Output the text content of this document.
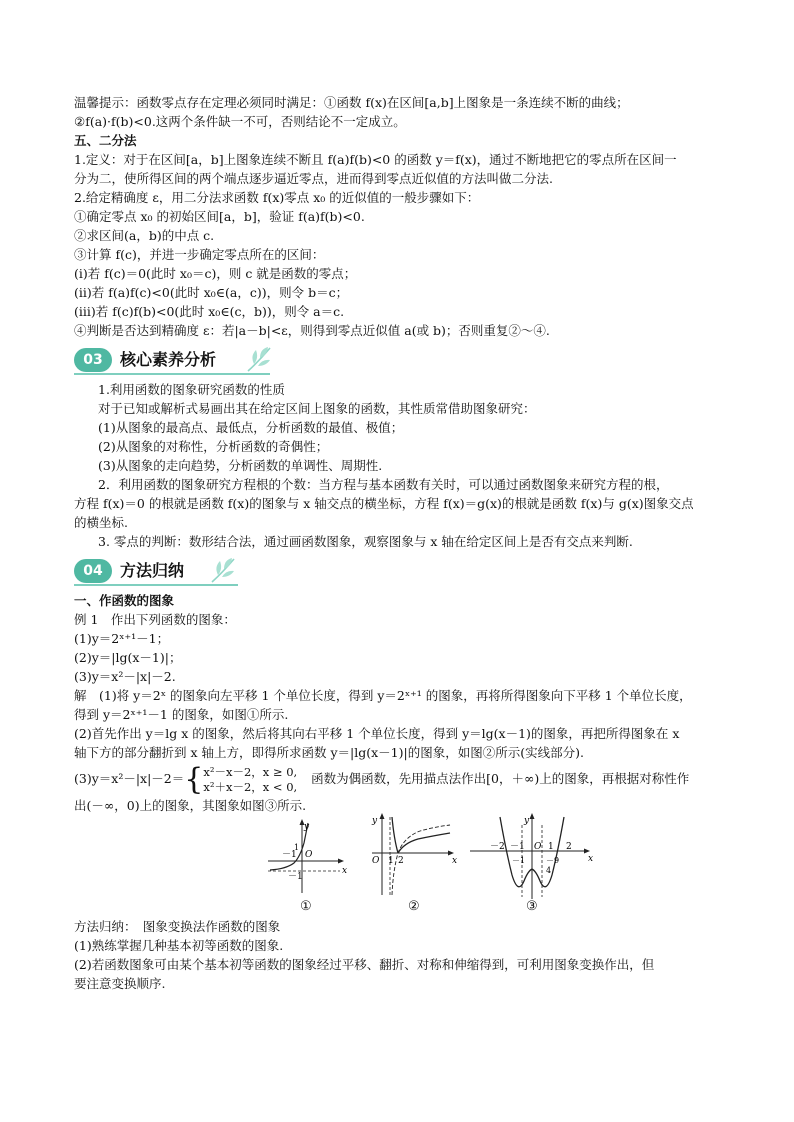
温馨提示：函数零点存在定理必须同时满足：①函数 f(x)在区间[a,b]上图象是一条连续不断的曲线；
②f(a)·f(b)<0.这两个条件缺一不可，否则结论不一定成立。
五、二分法
1.定义：对于在区间[a，b]上图象连续不断且 f(a)f(b)<0 的函数 y＝f(x)，通过不断地把它的零点所在区间一
分为二，使所得区间的两个端点逐步逼近零点，进而得到零点近似值的方法叫做二分法.
2.给定精确度 ε，用二分法求函数 f(x)零点 x₀ 的近似值的一般步骤如下：
①确定零点 x₀ 的初始区间[a，b]，验证 f(a)f(b)<0.
②求区间(a，b)的中点 c.
③计算 f(c)，并进一步确定零点所在的区间：
(i)若 f(c)＝0(此时 x₀＝c)，则 c 就是函数的零点；
(ii)若 f(a)f(c)<0(此时 x₀∈(a，c))，则令 b＝c；
(iii)若 f(c)f(b)<0(此时 x₀∈(c，b))，则令 a＝c.
④判断是否达到精确度 ε：若|a－b|<ε，则得到零点近似值 a(或 b)；否则重复②～④.
03	核心素养分析
1.利用函数的图象研究函数的性质
对于已知或解析式易画出其在给定区间上图象的函数，其性质常借助图象研究：
(1)从图象的最高点、最低点，分析函数的最值、极值；
(2)从图象的对称性，分析函数的奇偶性；
(3)从图象的走向趋势，分析函数的单调性、周期性.
2．利用函数的图象研究方程根的个数：当方程与基本函数有关时，可以通过函数图象来研究方程的根，
方程 f(x)＝0 的根就是函数 f(x)的图象与 x 轴交点的横坐标，方程 f(x)＝g(x)的根就是函数 f(x)与 g(x)图象交点
的横坐标.
3. 零点的判断：数形结合法，通过画函数图象，观察图象与 x 轴在给定区间上是否有交点来判断.
04	方法归纳
一、作函数的图象
例 1　作出下列函数的图象：
(1)y＝2ˣ⁺¹－1；
(2)y＝|lg(x－1)|；
(3)y＝x²－|x|－2.
解　(1)将 y＝2ˣ 的图象向左平移 1 个单位长度，得到 y＝2ˣ⁺¹ 的图象，再将所得图象向下平移 1 个单位长度，
得到 y＝2ˣ⁺¹－1 的图象，如图①所示.
(2)首先作出 y＝lg x 的图象，然后将其向右平移 1 个单位长度，得到 y＝lg(x－1)的图象，再把所得图象在 x
轴下方的部分翻折到 x 轴上方，即得所求函数 y＝|lg(x－1)|的图象，如图②所示(实线部分).
(3)y＝x²－|x|－2＝{ x²－x－2，x ≥ 0,
x²＋x－2，x < 0,
函数为偶函数，先用描点法作出[0，＋∞)上的图象，再根据对称性作
出(－∞，0)上的图象，其图象如图③所示.
y
x
O
－1
1
－1
①
y
x
O 1 2
②
y
x
－2 －1 O 1 2
－1	－9
4
③
方法归纳：　图象变换法作函数的图象
(1)熟练掌握几种基本初等函数的图象.
(2)若函数图象可由某个基本初等函数的图象经过平移、翻折、对称和伸缩得到，可利用图象变换作出，但
要注意变换顺序.
